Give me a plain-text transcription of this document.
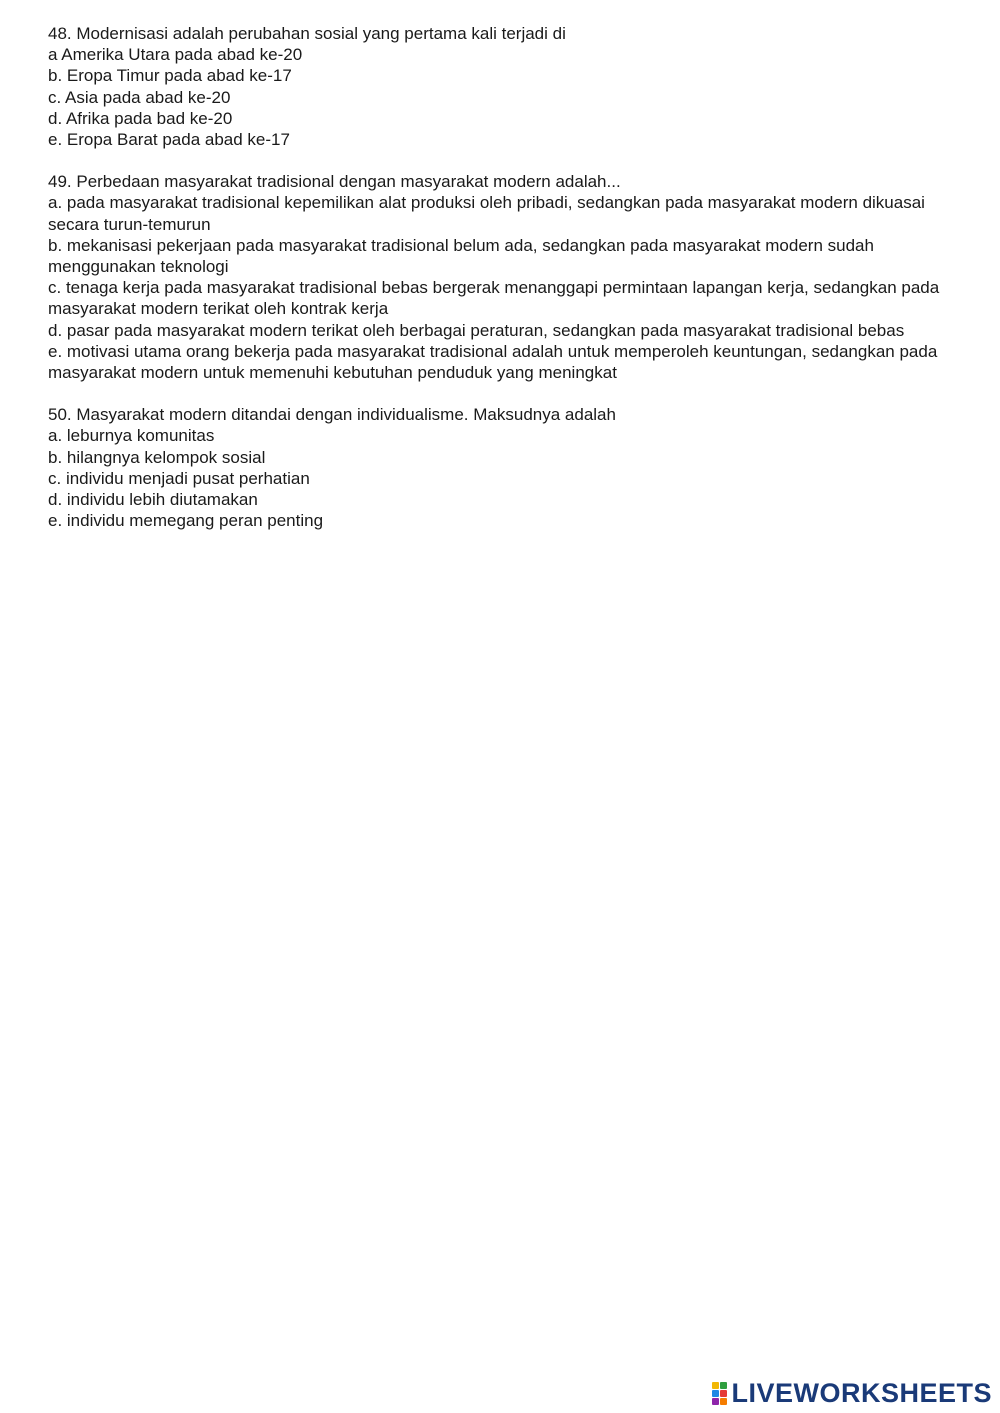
48. Modernisasi adalah perubahan sosial yang pertama kali terjadi di

a Amerika Utara pada abad ke-20

b. Eropa Timur pada abad ke-17

c. Asia pada abad ke-20

d. Afrika pada bad ke-20

e. Eropa Barat pada abad ke-17

49. Perbedaan masyarakat tradisional dengan masyarakat modern adalah...

a. pada masyarakat tradisional kepemilikan alat produksi oleh pribadi, sedangkan pada masyarakat modern dikuasai secara turun-temurun

b. mekanisasi pekerjaan pada masyarakat tradisional belum ada, sedangkan pada masyarakat modern sudah menggunakan teknologi

c. tenaga kerja pada masyarakat tradisional bebas bergerak menanggapi permintaan lapangan kerja, sedangkan pada masyarakat modern terikat oleh kontrak kerja

d. pasar pada masyarakat modern terikat oleh berbagai peraturan, sedangkan pada masyarakat tradisional bebas

e. motivasi utama orang bekerja pada masyarakat tradisional adalah untuk memperoleh keuntungan, sedangkan pada masyarakat modern untuk memenuhi kebutuhan penduduk yang meningkat

50. Masyarakat modern ditandai dengan individualisme. Maksudnya adalah

a. leburnya komunitas

b. hilangnya kelompok sosial

c. individu menjadi pusat perhatian

d. individu lebih diutamakan

e. individu memegang peran penting

LIVEWORKSHEETS
